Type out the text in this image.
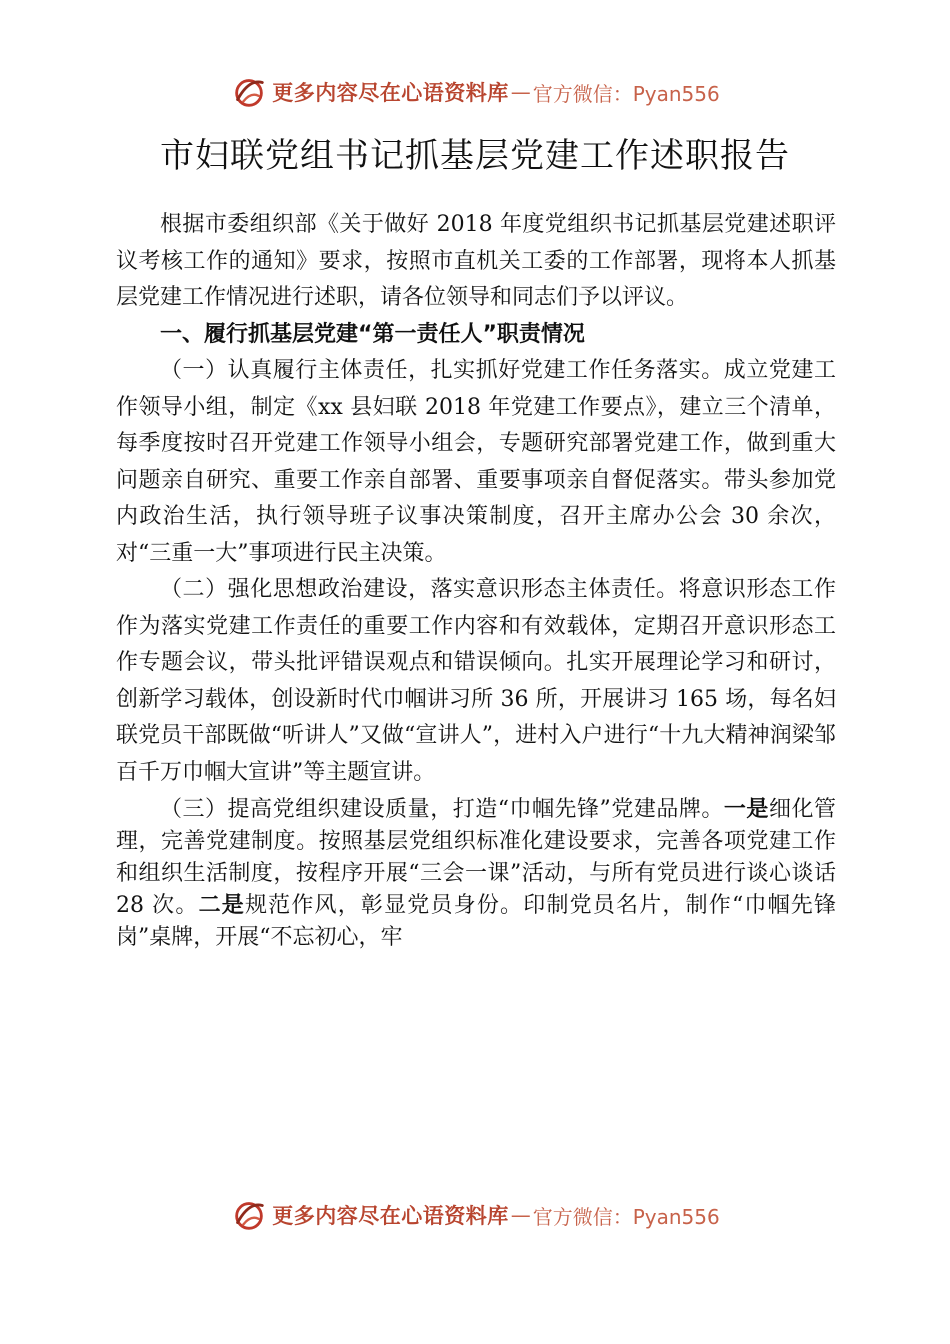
更多内容尽在心语资料库 — 官方微信：Pyan556
市妇联党组书记抓基层党建工作述职报告

根据市委组织部《关于做好 2018 年度党组织书记抓基层党建述职评议考核工作的通知》要求，按照市直机关工委的工作部署，现将本人抓基层党建工作情况进行述职，请各位领导和同志们予以评议。

一、履行抓基层党建“第一责任人”职责情况

（一）认真履行主体责任，扎实抓好党建工作任务落实。成立党建工作领导小组，制定《xx 县妇联 2018 年党建工作要点》，建立三个清单，每季度按时召开党建工作领导小组会，专题研究部署党建工作，做到重大问题亲自研究、重要工作亲自部署、重要事项亲自督促落实。带头参加党内政治生活，执行领导班子议事决策制度，召开主席办公会 30 余次，对“三重一大”事项进行民主决策。

（二）强化思想政治建设，落实意识形态主体责任。将意识形态工作作为落实党建工作责任的重要工作内容和有效载体，定期召开意识形态工作专题会议，带头批评错误观点和错误倾向。扎实开展理论学习和研讨，创新学习载体，创设新时代巾帼讲习所 36 所，开展讲习 165 场，每名妇联党员干部既做“听讲人”又做“宣讲人”，进村入户进行“十九大精神润梁邹 百千万巾帼大宣讲”等主题宣讲。

（三）提高党组织建设质量，打造“巾帼先锋”党建品牌。一是细化管理，完善党建制度。按照基层党组织标准化建设要求，完善各项党建工作和组织生活制度，按程序开展“三会一课”活动，与所有党员进行谈心谈话 28 次。二是规范作风，彰显党员身份。印制党员名片，制作“巾帼先锋岗”桌牌，开展“不忘初心，牢

更多内容尽在心语资料库 — 官方微信：Pyan556
